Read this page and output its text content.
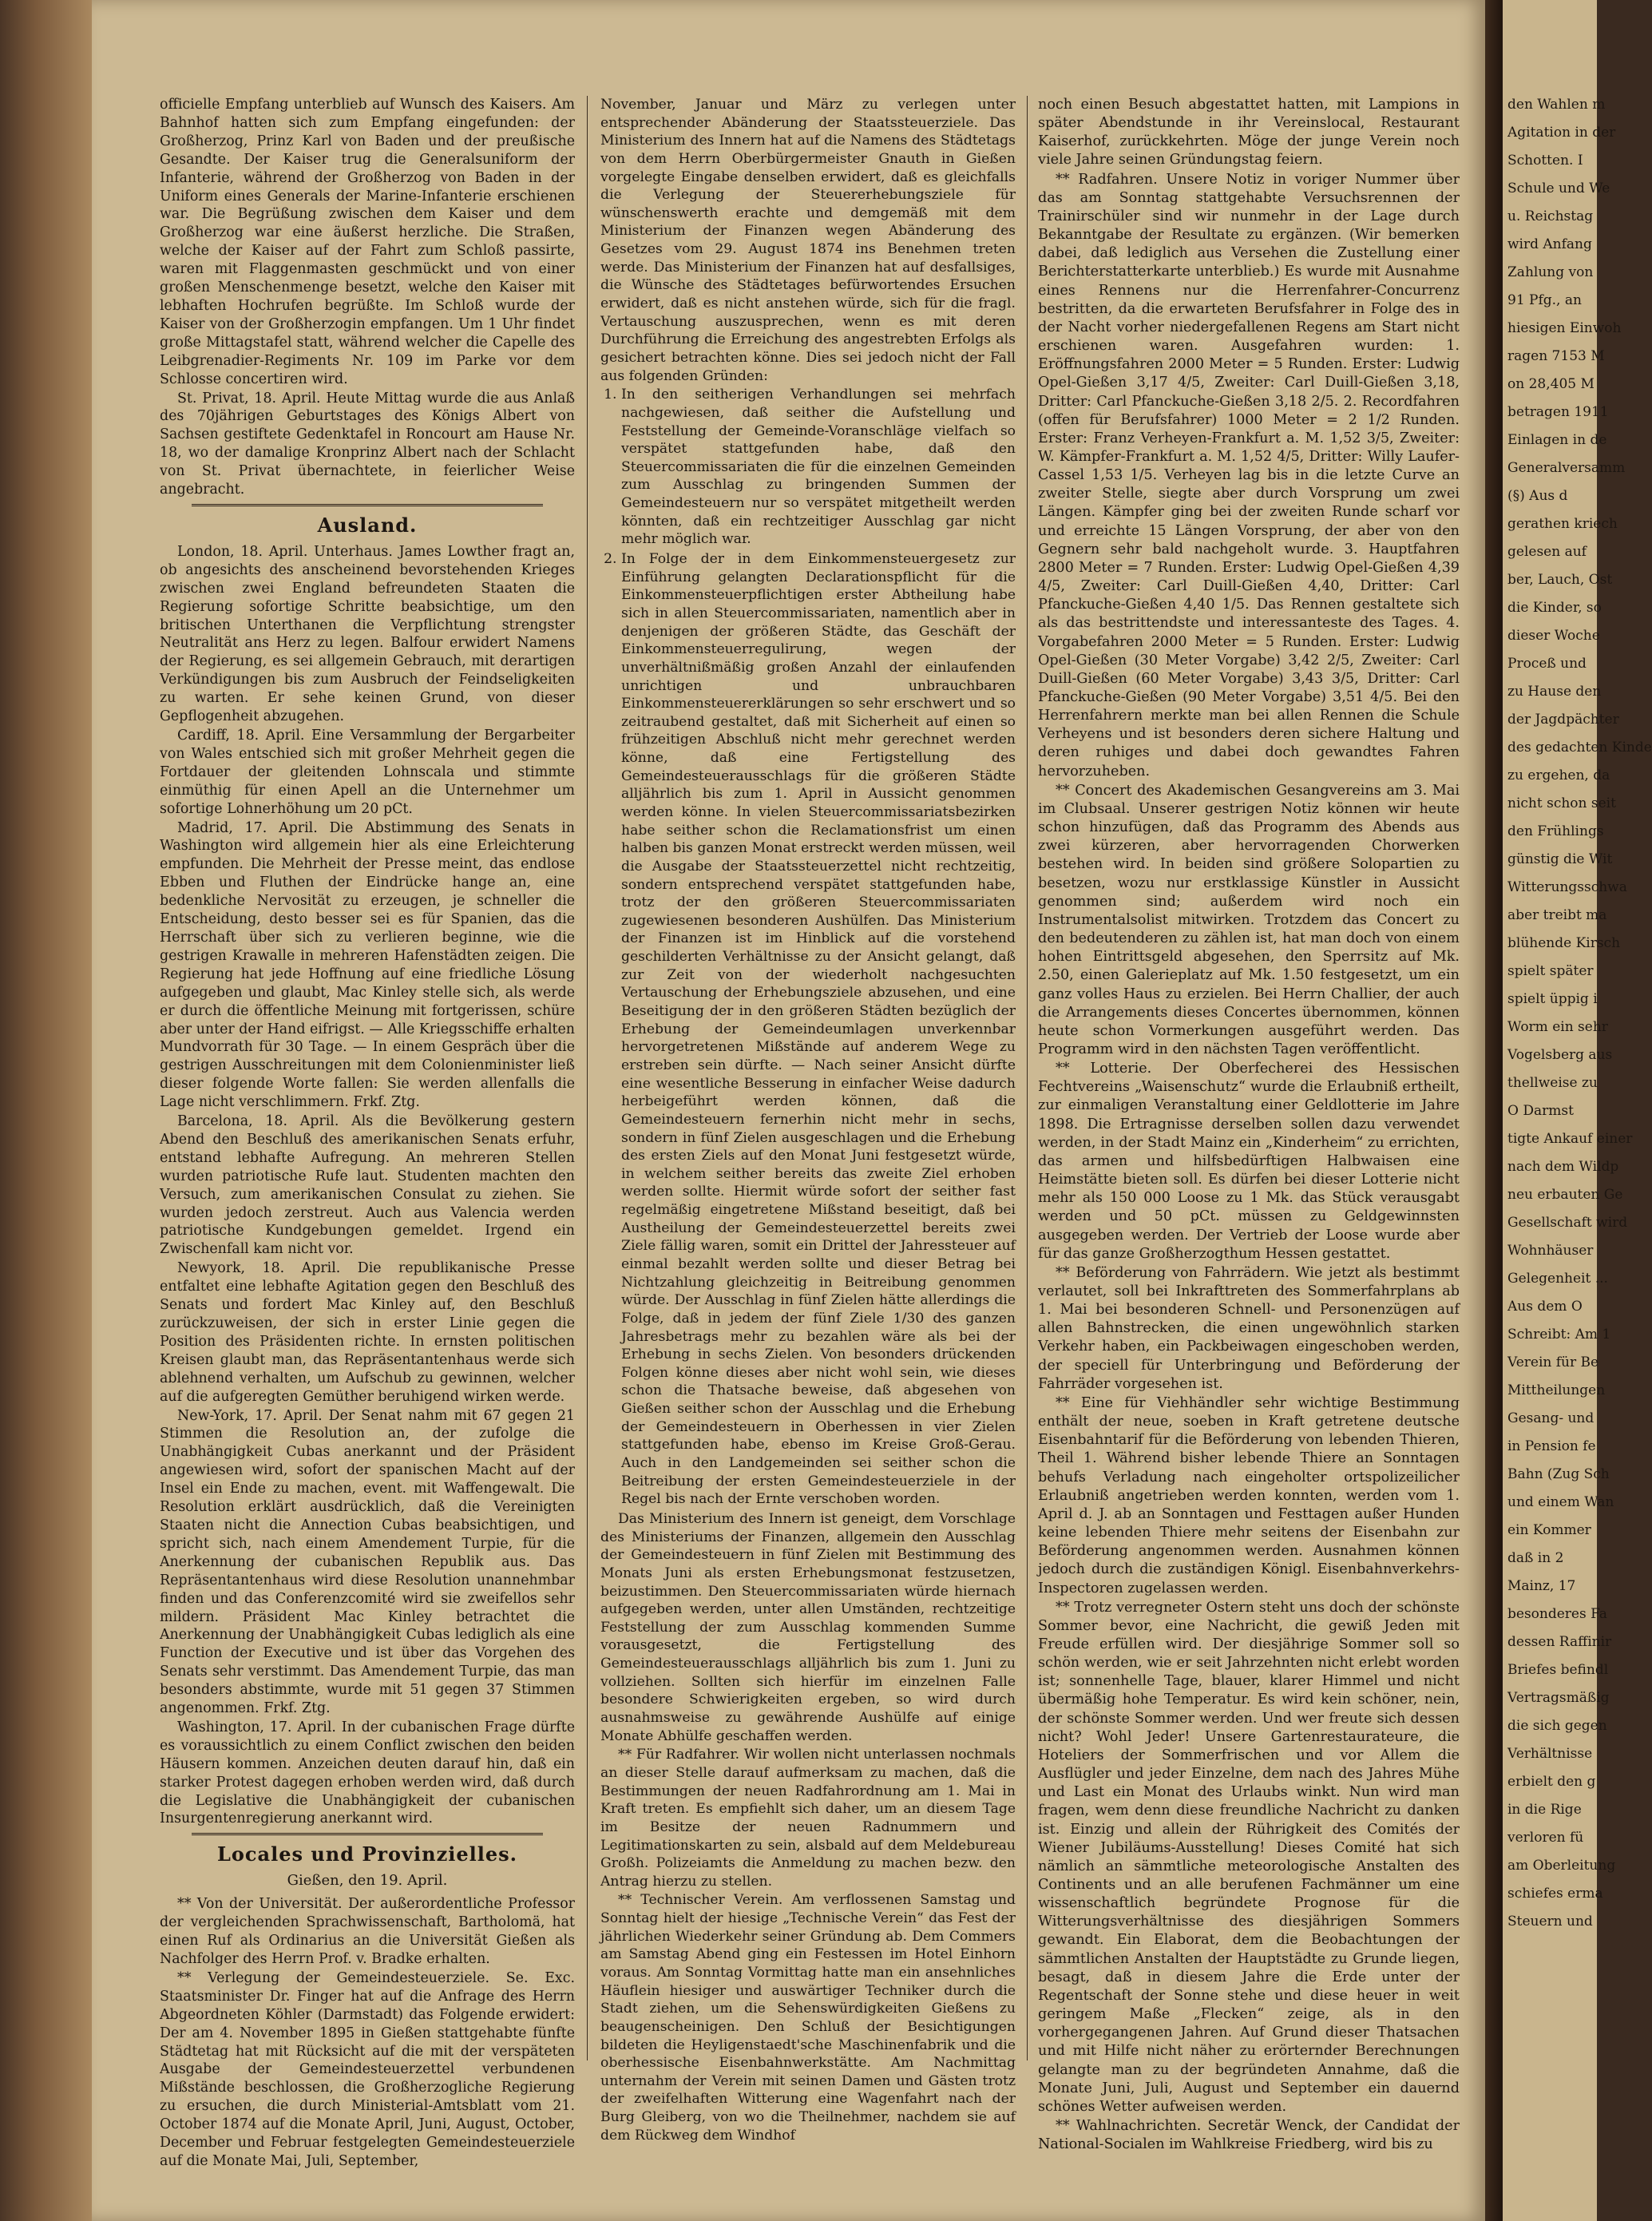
officielle Empfang unterblieb auf Wunsch des Kaisers. Am Bahnhof hatten sich zum Empfang eingefunden: der Großherzog, Prinz Karl von Baden und der preußische Gesandte. Der Kaiser trug die Generalsuniform der Infanterie, während der Großherzog von Baden in der Uniform eines Generals der Marine-Infanterie erschienen war. Die Begrüßung zwischen dem Kaiser und dem Großherzog war eine äußerst herzliche. Die Straßen, welche der Kaiser auf der Fahrt zum Schloß passirte, waren mit Flaggenmasten geschmückt und von einer großen Menschenmenge besetzt, welche den Kaiser mit lebhaften Hochrufen begrüßte. Im Schloß wurde der Kaiser von der Großherzogin empfangen. Um 1 Uhr findet große Mittagstafel statt, während welcher die Capelle des Leibgrenadier-Regiments Nr. 109 im Parke vor dem Schlosse concertiren wird.

St. Privat, 18. April. Heute Mittag wurde die aus Anlaß des 70jährigen Geburtstages des Königs Albert von Sachsen gestiftete Gedenktafel in Roncourt am Hause Nr. 18, wo der damalige Kronprinz Albert nach der Schlacht von St. Privat übernachtete, in feierlicher Weise angebracht.

Ausland.

London, 18. April. Unterhaus. James Lowther fragt an, ob angesichts des anscheinend bevorstehenden Krieges zwischen zwei England befreundeten Staaten die Regierung sofortige Schritte beabsichtige, um den britischen Unterthanen die Verpflichtung strengster Neutralität ans Herz zu legen. Balfour erwidert Namens der Regierung, es sei allgemein Gebrauch, mit derartigen Verkündigungen bis zum Ausbruch der Feindseligkeiten zu warten. Er sehe keinen Grund, von dieser Gepflogenheit abzugehen.

Cardiff, 18. April. Eine Versammlung der Bergarbeiter von Wales entschied sich mit großer Mehrheit gegen die Fortdauer der gleitenden Lohnscala und stimmte einmüthig für einen Apell an die Unternehmer um sofortige Lohnerhöhung um 20 pCt.

Madrid, 17. April. Die Abstimmung des Senats in Washington wird allgemein hier als eine Erleichterung empfunden. Die Mehrheit der Presse meint, das endlose Ebben und Fluthen der Eindrücke hange an, eine bedenkliche Nervosität zu erzeugen, je schneller die Entscheidung, desto besser sei es für Spanien, das die Herrschaft über sich zu verlieren beginne, wie die gestrigen Krawalle in mehreren Hafenstädten zeigen. Die Regierung hat jede Hoffnung auf eine friedliche Lösung aufgegeben und glaubt, Mac Kinley stelle sich, als werde er durch die öffentliche Meinung mit fortgerissen, schüre aber unter der Hand eifrigst. — Alle Kriegsschiffe erhalten Mundvorrath für 30 Tage. — In einem Gespräch über die gestrigen Ausschreitungen mit dem Colonienminister ließ dieser folgende Worte fallen: Sie werden allenfalls die Lage nicht verschlimmern. Frkf. Ztg.

Barcelona, 18. April. Als die Bevölkerung gestern Abend den Beschluß des amerikanischen Senats erfuhr, entstand lebhafte Aufregung. An mehreren Stellen wurden patriotische Rufe laut. Studenten machten den Versuch, zum amerikanischen Consulat zu ziehen. Sie wurden jedoch zerstreut. Auch aus Valencia werden patriotische Kundgebungen gemeldet. Irgend ein Zwischenfall kam nicht vor.

Newyork, 18. April. Die republikanische Presse entfaltet eine lebhafte Agitation gegen den Beschluß des Senats und fordert Mac Kinley auf, den Beschluß zurückzuweisen, der sich in erster Linie gegen die Position des Präsidenten richte. In ernsten politischen Kreisen glaubt man, das Repräsentantenhaus werde sich ablehnend verhalten, um Aufschub zu gewinnen, welcher auf die aufgeregten Gemüther beruhigend wirken werde.

New-York, 17. April. Der Senat nahm mit 67 gegen 21 Stimmen die Resolution an, der zufolge die Unabhängigkeit Cubas anerkannt und der Präsident angewiesen wird, sofort der spanischen Macht auf der Insel ein Ende zu machen, event. mit Waffengewalt. Die Resolution erklärt ausdrücklich, daß die Vereinigten Staaten nicht die Annection Cubas beabsichtigen, und spricht sich, nach einem Amendement Turpie, für die Anerkennung der cubanischen Republik aus. Das Repräsentantenhaus wird diese Resolution unannehmbar finden und das Conferenzcomité wird sie zweifellos sehr mildern. Präsident Mac Kinley betrachtet die Anerkennung der Unabhängigkeit Cubas lediglich als eine Function der Executive und ist über das Vorgehen des Senats sehr verstimmt. Das Amendement Turpie, das man besonders abstimmte, wurde mit 51 gegen 37 Stimmen angenommen. Frkf. Ztg.

Washington, 17. April. In der cubanischen Frage dürfte es voraussichtlich zu einem Conflict zwischen den beiden Häusern kommen. Anzeichen deuten darauf hin, daß ein starker Protest dagegen erhoben werden wird, daß durch die Legislative die Unabhängigkeit der cubanischen Insurgentenregierung anerkannt wird.

Locales und Provinzielles.
Gießen, den 19. April.

** Von der Universität. Der außerordentliche Professor der vergleichenden Sprachwissenschaft, Bartholomä, hat einen Ruf als Ordinarius an die Universität Gießen als Nachfolger des Herrn Prof. v. Bradke erhalten.

** Verlegung der Gemeindesteuerziele. Se. Exc. Staatsminister Dr. Finger hat auf die Anfrage des Herrn Abgeordneten Köhler (Darmstadt) das Folgende erwidert: Der am 4. November 1895 in Gießen stattgehabte fünfte Städtetag hat mit Rücksicht auf die mit der verspäteten Ausgabe der Gemeindesteuerzettel verbundenen Mißstände beschlossen, die Großherzogliche Regierung zu ersuchen, die durch Ministerial-Amtsblatt vom 21. October 1874 auf die Monate April, Juni, August, October, December und Februar festgelegten Gemeindesteuerziele auf die Monate Mai, Juli, September,

November, Januar und März zu verlegen unter entsprechender Abänderung der Staatssteuerziele. Das Ministerium des Innern hat auf die Namens des Städtetags von dem Herrn Oberbürgermeister Gnauth in Gießen vorgelegte Eingabe denselben erwidert, daß es gleichfalls die Verlegung der Steuererhebungsziele für wünschenswerth erachte und demgemäß mit dem Ministerium der Finanzen wegen Abänderung des Gesetzes vom 29. August 1874 ins Benehmen treten werde. Das Ministerium der Finanzen hat auf desfallsiges, die Wünsche des Städtetages befürwortendes Ersuchen erwidert, daß es nicht anstehen würde, sich für die fragl. Vertauschung auszusprechen, wenn es mit deren Durchführung die Erreichung des angestrebten Erfolgs als gesichert betrachten könne. Dies sei jedoch nicht der Fall aus folgenden Gründen:

1. In den seitherigen Verhandlungen sei mehrfach nachgewiesen, daß seither die Aufstellung und Feststellung der Gemeinde-Voranschläge vielfach so verspätet stattgefunden habe, daß den Steuercommissariaten die für die einzelnen Gemeinden zum Ausschlag zu bringenden Summen der Gemeindesteuern nur so verspätet mitgetheilt werden könnten, daß ein rechtzeitiger Ausschlag gar nicht mehr möglich war.
2. In Folge der in dem Einkommensteuergesetz zur Einführung gelangten Declarationspflicht für die Einkommensteuerpflichtigen erster Abtheilung habe sich in allen Steuercommissariaten, namentlich aber in denjenigen der größeren Städte, das Geschäft der Einkommensteuerregulirung, wegen der unverhältnißmäßig großen Anzahl der einlaufenden unrichtigen und unbrauchbaren Einkommensteuererklärungen so sehr erschwert und so zeitraubend gestaltet, daß mit Sicherheit auf einen so frühzeitigen Abschluß nicht mehr gerechnet werden könne, daß eine Fertigstellung des Gemeindesteuerausschlags für die größeren Städte alljährlich bis zum 1. April in Aussicht genommen werden könne. In vielen Steuercommissariatsbezirken habe seither schon die Reclamationsfrist um einen halben bis ganzen Monat erstreckt werden müssen, weil die Ausgabe der Staatssteuerzettel nicht rechtzeitig, sondern entsprechend verspätet stattgefunden habe, trotz der den größeren Steuercommissariaten zugewiesenen besonderen Aushülfen. Das Ministerium der Finanzen ist im Hinblick auf die vorstehend geschilderten Verhältnisse zu der Ansicht gelangt, daß zur Zeit von der wiederholt nachgesuchten Vertauschung der Erhebungsziele abzusehen, und eine Beseitigung der in den größeren Städten bezüglich der Erhebung der Gemeindeumlagen unverkennbar hervorgetretenen Mißstände auf anderem Wege zu erstreben sein dürfte. — Nach seiner Ansicht dürfte eine wesentliche Besserung in einfacher Weise dadurch herbeigeführt werden können, daß die Gemeindesteuern fernerhin nicht mehr in sechs, sondern in fünf Zielen ausgeschlagen und die Erhebung des ersten Ziels auf den Monat Juni festgesetzt würde, in welchem seither bereits das zweite Ziel erhoben werden sollte. Hiermit würde sofort der seither fast regelmäßig eingetretene Mißstand beseitigt, daß bei Austheilung der Gemeindesteuerzettel bereits zwei Ziele fällig waren, somit ein Drittel der Jahressteuer auf einmal bezahlt werden sollte und dieser Betrag bei Nichtzahlung gleichzeitig in Beitreibung genommen würde. Der Ausschlag in fünf Zielen hätte allerdings die Folge, daß in jedem der fünf Ziele 1/30 des ganzen Jahresbetrags mehr zu bezahlen wäre als bei der Erhebung in sechs Zielen. Von besonders drückenden Folgen könne dieses aber nicht wohl sein, wie dieses schon die Thatsache beweise, daß abgesehen von Gießen seither schon der Ausschlag und die Erhebung der Gemeindesteuern in Oberhessen in vier Zielen stattgefunden habe, ebenso im Kreise Groß-Gerau. Auch in den Landgemeinden sei seither schon die Beitreibung der ersten Gemeindesteuerziele in der Regel bis nach der Ernte verschoben worden.

Das Ministerium des Innern ist geneigt, dem Vorschlage des Ministeriums der Finanzen, allgemein den Ausschlag der Gemeindesteuern in fünf Zielen mit Bestimmung des Monats Juni als ersten Erhebungsmonat festzusetzen, beizustimmen. Den Steuercommissariaten würde hiernach aufgegeben werden, unter allen Umständen, rechtzeitige Feststellung der zum Ausschlag kommenden Summe vorausgesetzt, die Fertigstellung des Gemeindesteuerausschlags alljährlich bis zum 1. Juni zu vollziehen. Sollten sich hierfür im einzelnen Falle besondere Schwierigkeiten ergeben, so wird durch ausnahmsweise zu gewährende Aushülfe auf einige Monate Abhülfe geschaffen werden.

** Für Radfahrer. Wir wollen nicht unterlassen nochmals an dieser Stelle darauf aufmerksam zu machen, daß die Bestimmungen der neuen Radfahrordnung am 1. Mai in Kraft treten. Es empfiehlt sich daher, um an diesem Tage im Besitze der neuen Radnummern und Legitimationskarten zu sein, alsbald auf dem Meldebureau Großh. Polizeiamts die Anmeldung zu machen bezw. den Antrag hierzu zu stellen.

** Technischer Verein. Am verflossenen Samstag und Sonntag hielt der hiesige „Technische Verein“ das Fest der jährlichen Wiederkehr seiner Gründung ab. Dem Commers am Samstag Abend ging ein Festessen im Hotel Einhorn voraus. Am Sonntag Vormittag hatte man ein ansehnliches Häuflein hiesiger und auswärtiger Techniker durch die Stadt ziehen, um die Sehenswürdigkeiten Gießens zu beaugenscheinigen. Den Schluß der Besichtigungen bildeten die Heyligenstaedt'sche Maschinenfabrik und die oberhessische Eisenbahnwerkstätte. Am Nachmittag unternahm der Verein mit seinen Damen und Gästen trotz der zweifelhaften Witterung eine Wagenfahrt nach der Burg Gleiberg, von wo die Theilnehmer, nachdem sie auf dem Rückweg dem Windhof

noch einen Besuch abgestattet hatten, mit Lampions in später Abendstunde in ihr Vereinslocal, Restaurant Kaiserhof, zurückkehrten. Möge der junge Verein noch viele Jahre seinen Gründungstag feiern.

** Radfahren. Unsere Notiz in voriger Nummer über das am Sonntag stattgehabte Versuchsrennen der Trainirschüler sind wir nunmehr in der Lage durch Bekanntgabe der Resultate zu ergänzen. (Wir bemerken dabei, daß lediglich aus Versehen die Zustellung einer Berichterstatterkarte unterblieb.) Es wurde mit Ausnahme eines Rennens nur die Herrenfahrer-Concurrenz bestritten, da die erwarteten Berufsfahrer in Folge des in der Nacht vorher niedergefallenen Regens am Start nicht erschienen waren. Ausgefahren wurden: 1. Eröffnungsfahren 2000 Meter = 5 Runden. Erster: Ludwig Opel-Gießen 3,17 4/5, Zweiter: Carl Duill-Gießen 3,18, Dritter: Carl Pfanckuche-Gießen 3,18 2/5. 2. Recordfahren (offen für Berufsfahrer) 1000 Meter = 2 1/2 Runden. Erster: Franz Verheyen-Frankfurt a. M. 1,52 3/5, Zweiter: W. Kämpfer-Frankfurt a. M. 1,52 4/5, Dritter: Willy Laufer-Cassel 1,53 1/5. Verheyen lag bis in die letzte Curve an zweiter Stelle, siegte aber durch Vorsprung um zwei Längen. Kämpfer ging bei der zweiten Runde scharf vor und erreichte 15 Längen Vorsprung, der aber von den Gegnern sehr bald nachgeholt wurde. 3. Hauptfahren 2800 Meter = 7 Runden. Erster: Ludwig Opel-Gießen 4,39 4/5, Zweiter: Carl Duill-Gießen 4,40, Dritter: Carl Pfanckuche-Gießen 4,40 1/5. Das Rennen gestaltete sich als das bestrittendste und interessanteste des Tages. 4. Vorgabefahren 2000 Meter = 5 Runden. Erster: Ludwig Opel-Gießen (30 Meter Vorgabe) 3,42 2/5, Zweiter: Carl Duill-Gießen (60 Meter Vorgabe) 3,43 3/5, Dritter: Carl Pfanckuche-Gießen (90 Meter Vorgabe) 3,51 4/5. Bei den Herrenfahrern merkte man bei allen Rennen die Schule Verheyens und ist besonders deren sichere Haltung und deren ruhiges und dabei doch gewandtes Fahren hervorzuheben.

** Concert des Akademischen Gesangvereins am 3. Mai im Clubsaal. Unserer gestrigen Notiz können wir heute schon hinzufügen, daß das Programm des Abends aus zwei kürzeren, aber hervorragenden Chorwerken bestehen wird. In beiden sind größere Solopartien zu besetzen, wozu nur erstklassige Künstler in Aussicht genommen sind; außerdem wird noch ein Instrumentalsolist mitwirken. Trotzdem das Concert zu den bedeutenderen zu zählen ist, hat man doch von einem hohen Eintrittsgeld abgesehen, den Sperrsitz auf Mk. 2.50, einen Galerieplatz auf Mk. 1.50 festgesetzt, um ein ganz volles Haus zu erzielen. Bei Herrn Challier, der auch die Arrangements dieses Concertes übernommen, können heute schon Vormerkungen ausgeführt werden. Das Programm wird in den nächsten Tagen veröffentlicht.

** Lotterie. Der Oberfecherei des Hessischen Fechtvereins „Waisenschutz“ wurde die Erlaubniß ertheilt, zur einmaligen Veranstaltung einer Geldlotterie im Jahre 1898. Die Ertragnisse derselben sollen dazu verwendet werden, in der Stadt Mainz ein „Kinderheim“ zu errichten, das armen und hilfsbedürftigen Halbwaisen eine Heimstätte bieten soll. Es dürfen bei dieser Lotterie nicht mehr als 150 000 Loose zu 1 Mk. das Stück verausgabt werden und 50 pCt. müssen zu Geldgewinnsten ausgegeben werden. Der Vertrieb der Loose wurde aber für das ganze Großherzogthum Hessen gestattet.

** Beförderung von Fahrrädern. Wie jetzt als bestimmt verlautet, soll bei Inkrafttreten des Sommerfahrplans ab 1. Mai bei besonderen Schnell- und Personenzügen auf allen Bahnstrecken, die einen ungewöhnlich starken Verkehr haben, ein Packbeiwagen eingeschoben werden, der speciell für Unterbringung und Beförderung der Fahrräder vorgesehen ist.

** Eine für Viehhändler sehr wichtige Bestimmung enthält der neue, soeben in Kraft getretene deutsche Eisenbahntarif für die Beförderung von lebenden Thieren, Theil 1. Während bisher lebende Thiere an Sonntagen behufs Verladung nach eingeholter ortspolizeilicher Erlaubniß angetrieben werden konnten, werden vom 1. April d. J. ab an Sonntagen und Festtagen außer Hunden keine lebenden Thiere mehr seitens der Eisenbahn zur Beförderung angenommen werden. Ausnahmen können jedoch durch die zuständigen Königl. Eisenbahnverkehrs-Inspectoren zugelassen werden.

** Trotz verregneter Ostern steht uns doch der schönste Sommer bevor, eine Nachricht, die gewiß Jeden mit Freude erfüllen wird. Der diesjährige Sommer soll so schön werden, wie er seit Jahrzehnten nicht erlebt worden ist; sonnenhelle Tage, blauer, klarer Himmel und nicht übermäßig hohe Temperatur. Es wird kein schöner, nein, der schönste Sommer werden. Und wer freute sich dessen nicht? Wohl Jeder! Unsere Gartenrestaurateure, die Hoteliers der Sommerfrischen und vor Allem die Ausflügler und jeder Einzelne, dem nach des Jahres Mühe und Last ein Monat des Urlaubs winkt. Nun wird man fragen, wem denn diese freundliche Nachricht zu danken ist. Einzig und allein der Rührigkeit des Comités der Wiener Jubiläums-Ausstellung! Dieses Comité hat sich nämlich an sämmtliche meteorologische Anstalten des Continents und an alle berufenen Fachmänner um eine wissenschaftlich begründete Prognose für die Witterungsverhältnisse des diesjährigen Sommers gewandt. Ein Elaborat, dem die Beobachtungen der sämmtlichen Anstalten der Hauptstädte zu Grunde liegen, besagt, daß in diesem Jahre die Erde unter der Regentschaft der Sonne stehe und diese heuer in weit geringem Maße „Flecken“ zeige, als in den vorhergegangenen Jahren. Auf Grund dieser Thatsachen und mit Hilfe nicht näher zu erörternder Berechnungen gelangte man zu der begründeten Annahme, daß die Monate Juni, Juli, August und September ein dauernd schönes Wetter aufweisen werden.

** Wahlnachrichten. Secretär Wenck, der Candidat der National-Socialen im Wahlkreise Friedberg, wird bis zu

den Wahlen m
Agitation in der
Schotten. I
Schule und We
u. Reichstag
wird Anfang
Zahlung von
91 Pfg., an
hiesigen Einwoh
ragen 7153 M
on 28,405 M
betragen 1911
Einlagen in de
Generalversamm
(§) Aus d
gerathen kriech
gelesen auf
ber, Lauch, Ost
die Kinder, so
dieser Woche
Proceß und
zu Hause den
der Jagdpächter
des gedachten Kinde
zu ergehen, da
nicht schon seit
den Frühlings
günstig die Wit
Witterungsschwa
aber treibt ma
blühende Kirsch
spielt später
spielt üppig i
Worm ein sehr
Vogelsberg aus
thellweise zu
O Darmst
tigte Ankauf einer
nach dem Wildp
neu erbauten Ge
Gesellschaft wird
Wohnhäuser
Gelegenheit ...
Aus dem O
Schreibt: Am 1
Verein für Be
Mittheilungen
Gesang- und
in Pension fe
Bahn (Zug Sch
und einem Wan
ein Kommer
daß in 2
Mainz, 17
besonderes Fa
dessen Raffinir
Briefes befindl
Vertragsmäßig
die sich gegen
Verhältnisse
erbielt den g
in die Rige
verloren fü
am Oberleitung
schiefes erma
Steuern und
